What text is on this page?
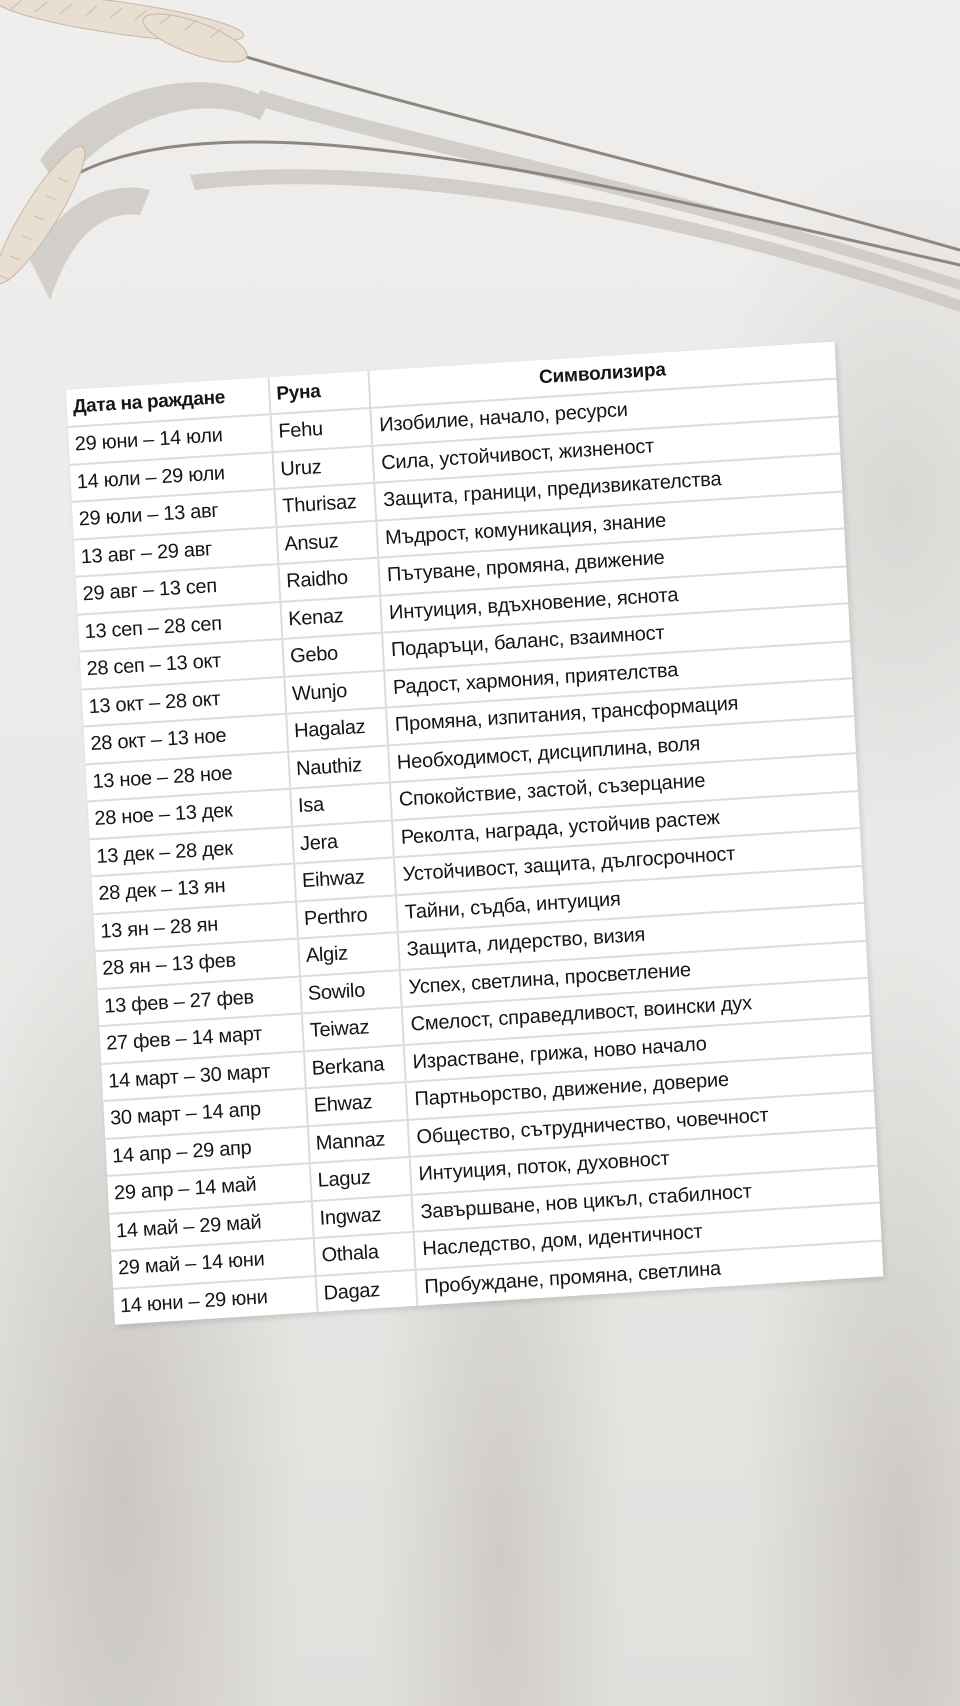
Дата на раждане	Руна	Символизира
29 юни – 14 юли	Fehu	Изобилие, начало, ресурси
14 юли – 29 юли	Uruz	Сила, устойчивост, жизненост
29 юли – 13 авг	Thurisaz	Защита, граници, предизвикателства
13 авг – 29 авг	Ansuz	Мъдрост, комуникация, знание
29 авг – 13 сеп	Raidho	Пътуване, промяна, движение
13 сеп – 28 сеп	Kenaz	Интуиция, вдъхновение, яснота
28 сеп – 13 окт	Gebo	Подаръци, баланс, взаимност
13 окт – 28 окт	Wunjo	Радост, хармония, приятелства
28 окт – 13 ное	Hagalaz	Промяна, изпитания, трансформация
13 ное – 28 ное	Nauthiz	Необходимост, дисциплина, воля
28 ное – 13 дек	Isa	Спокойствие, застой, съзерцание
13 дек – 28 дек	Jera	Реколта, награда, устойчив растеж
28 дек – 13 ян	Eihwaz	Устойчивост, защита, дългосрочност
13 ян – 28 ян	Perthro	Тайни, съдба, интуиция
28 ян – 13 фев	Algiz	Защита, лидерство, визия
13 фев – 27 фев	Sowilo	Успех, светлина, просветление
27 фев – 14 март	Teiwaz	Смелост, справедливост, воински дух
14 март – 30 март	Berkana	Израстване, грижа, ново начало
30 март – 14 апр	Ehwaz	Партньорство, движение, доверие
14 апр – 29 апр	Mannaz	Общество, сътрудничество, човечност
29 апр – 14 май	Laguz	Интуиция, поток, духовност
14 май – 29 май	Ingwaz	Завършване, нов цикъл, стабилност
29 май – 14 юни	Othala	Наследство, дом, идентичност
14 юни – 29 юни	Dagaz	Пробуждане, промяна, светлина
